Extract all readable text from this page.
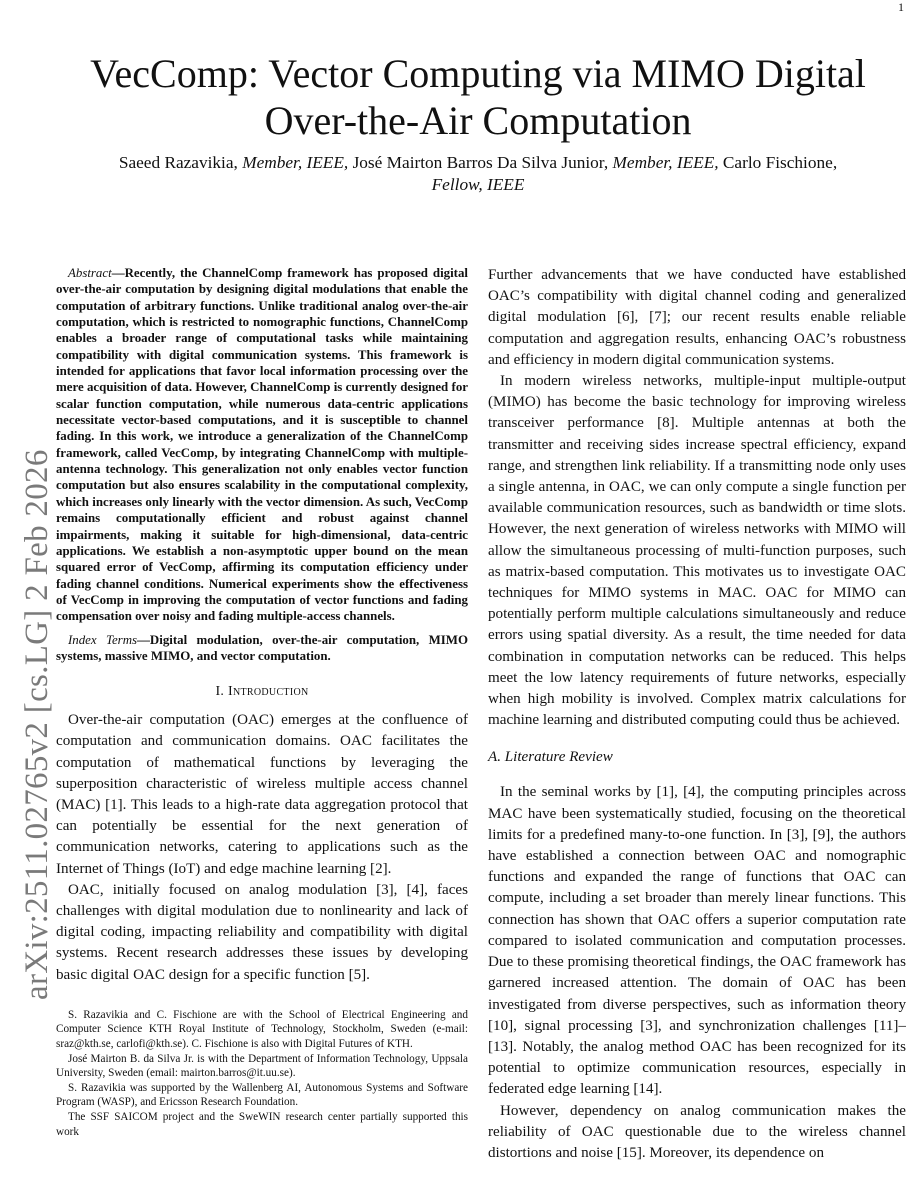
1
arXiv:2511.02765v2 [cs.LG] 2 Feb 2026
VecComp: Vector Computing via MIMO Digital Over-the-Air Computation
Saeed Razavikia, Member, IEEE, José Mairton Barros Da Silva Junior, Member, IEEE, Carlo Fischione, Fellow, IEEE

Abstract—Recently, the ChannelComp framework has proposed digital over-the-air computation by designing digital modulations that enable the computation of arbitrary functions. Unlike traditional analog over-the-air computation, which is restricted to nomographic functions, ChannelComp enables a broader range of computational tasks while maintaining compatibility with digital communication systems. This framework is intended for applications that favor local information processing over the mere acquisition of data. However, ChannelComp is currently designed for scalar function computation, while numerous data-centric applications necessitate vector-based computations, and it is susceptible to channel fading. In this work, we introduce a generalization of the ChannelComp framework, called VecComp, by integrating ChannelComp with multiple-antenna technology. This generalization not only enables vector function computation but also ensures scalability in the computational complexity, which increases only linearly with the vector dimension. As such, VecComp remains computationally efficient and robust against channel impairments, making it suitable for high-dimensional, data-centric applications. We establish a non-asymptotic upper bound on the mean squared error of VecComp, affirming its computation efficiency under fading channel conditions. Numerical experiments show the effectiveness of VecComp in improving the computation of vector functions and fading compensation over noisy and fading multiple-access channels.

Index Terms—Digital modulation, over-the-air computation, MIMO systems, massive MIMO, and vector computation.

I. Introduction

Over-the-air computation (OAC) emerges at the confluence of computation and communication domains. OAC facilitates the computation of mathematical functions by leveraging the superposition characteristic of wireless multiple access channel (MAC) [1]. This leads to a high-rate data aggregation protocol that can potentially be essential for the next generation of communication networks, catering to applications such as the Internet of Things (IoT) and edge machine learning [2].

OAC, initially focused on analog modulation [3], [4], faces challenges with digital modulation due to nonlinearity and lack of digital coding, impacting reliability and compatibility with digital systems. Recent research addresses these issues by developing basic digital OAC design for a specific function [5].

S. Razavikia and C. Fischione are with the School of Electrical Engineering and Computer Science KTH Royal Institute of Technology, Stockholm, Sweden (e-mail: sraz@kth.se, carlofi@kth.se). C. Fischione is also with Digital Futures of KTH.

José Mairton B. da Silva Jr. is with the Department of Information Technology, Uppsala University, Sweden (email: mairton.barros@it.uu.se).

S. Razavikia was supported by the Wallenberg AI, Autonomous Systems and Software Program (WASP), and Ericsson Research Foundation.

The SSF SAICOM project and the SweWIN research center partially supported this work

Further advancements that we have conducted have established OAC’s compatibility with digital channel coding and generalized digital modulation [6], [7]; our recent results enable reliable computation and aggregation results, enhancing OAC’s robustness and efficiency in modern digital communication systems.

In modern wireless networks, multiple-input multiple-output (MIMO) has become the basic technology for improving wireless transceiver performance [8]. Multiple antennas at both the transmitter and receiving sides increase spectral efficiency, expand range, and strengthen link reliability. If a transmitting node only uses a single antenna, in OAC, we can only compute a single function per available communication resources, such as bandwidth or time slots. However, the next generation of wireless networks with MIMO will allow the simultaneous processing of multi-function purposes, such as matrix-based computation. This motivates us to investigate OAC techniques for MIMO systems in MAC. OAC for MIMO can potentially perform multiple calculations simultaneously and reduce errors using spatial diversity. As a result, the time needed for data combination in computation networks can be reduced. This helps meet the low latency requirements of future networks, especially when high mobility is involved. Complex matrix calculations for machine learning and distributed computing could thus be achieved.

A. Literature Review

In the seminal works by [1], [4], the computing principles across MAC have been systematically studied, focusing on the theoretical limits for a predefined many-to-one function. In [3], [9], the authors have established a connection between OAC and nomographic functions and expanded the range of functions that OAC can compute, including a set broader than merely linear functions. This connection has shown that OAC offers a superior computation rate compared to isolated communication and computation processes. Due to these promising theoretical findings, the OAC framework has garnered increased attention. The domain of OAC has been investigated from diverse perspectives, such as information theory [10], signal processing [3], and synchronization challenges [11]–[13]. Notably, the analog method OAC has been recognized for its potential to optimize communication resources, especially in federated edge learning [14].

However, dependency on analog communication makes the reliability of OAC questionable due to the wireless channel distortions and noise [15]. Moreover, its dependence on
